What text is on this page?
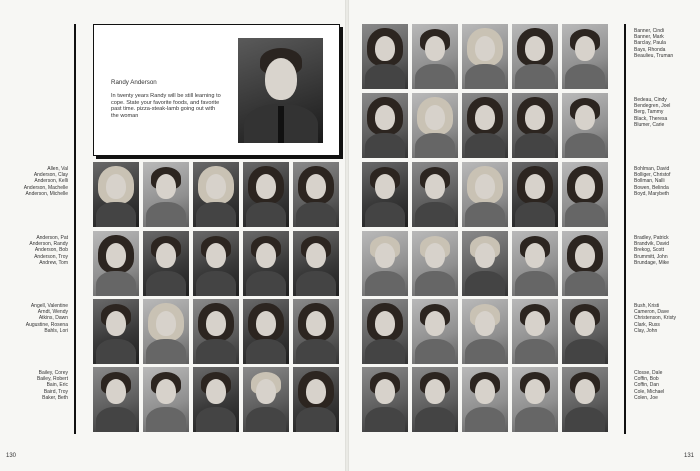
Randy Anderson
In twenty years Randy will be still learning to cope. State your favorite foods, and favorite past time. pizza-steak-lamb going out with the woman
Allen, Val
Anderson, Clay
Anderson, Kelli
Anderson, Machelle
Anderson, Michelle
Anderson, Pat
Anderson, Randy
Anderson, Bob
Anderson, Troy
Andrew, Tom
Angell, Valentine
Arndt, Wendy
Atkins, Dawn
Augustine, Rosena
Bahls, Lori
Bailey, Corey
Bailey, Robert
Bain, Eric
Baird, Troy
Baker, Beth
Banner, Cindi
Banner, Mark
Barclay, Paula
Bays, Rhonda
Beaulieu, Truman
Bedeau, Cindy
Bendegren, Joel
Berg, Tammy
Black, Theresa
Blumer, Carie
Bohlman, David
Bolliger, Christof
Bollman, Nalli
Bowen, Belinda
Boyd, Marybeth
Bradley, Patrick
Brandvik, David
Brekog, Scott
Brummitt, John
Brundage, Mike
Bush, Kristi
Cameron, Dave
Christenson, Kristy
Clark, Russ
Clay, John
Closse, Dale
Coffin, Bob
Coffin, Dan
Cole, Michael
Colen, Joe
130	131
